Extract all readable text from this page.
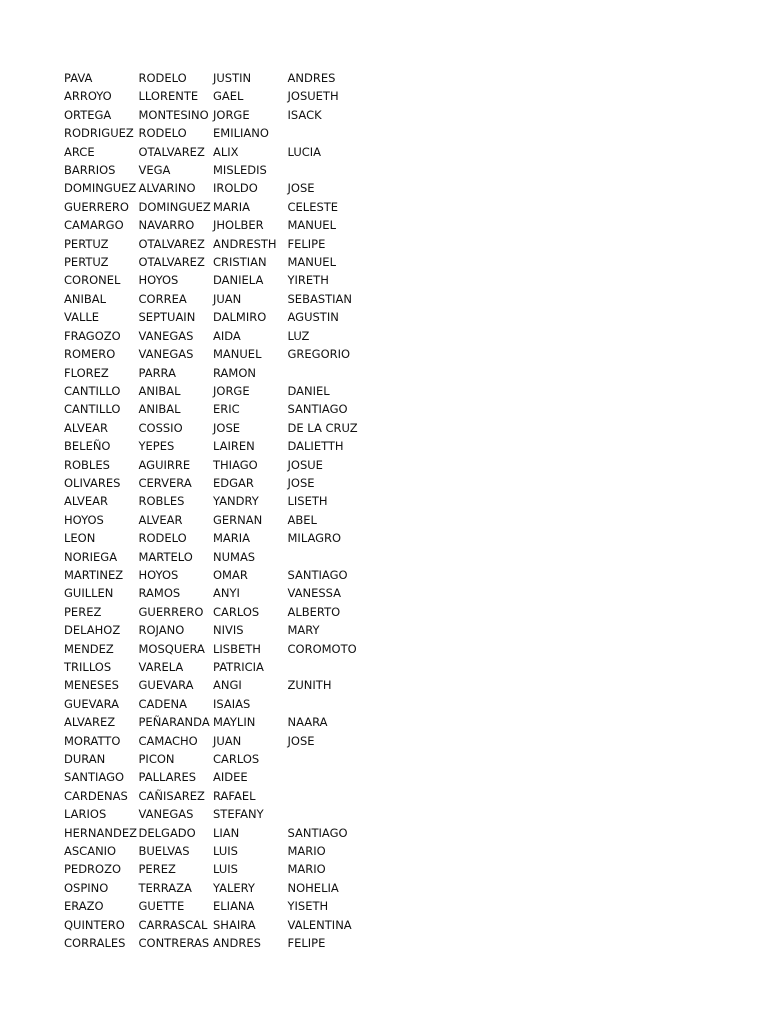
PAVA	RODELO	JUSTIN	ANDRES
ARROYO	LLORENTE	GAEL	JOSUETH
ORTEGA	MONTESINO	JORGE	ISACK
RODRIGUEZ	RODELO	EMILIANO	
ARCE	OTALVAREZ	ALIX	LUCIA
BARRIOS	VEGA	MISLEDIS	
DOMINGUEZ	ALVARINO	IROLDO	JOSE
GUERRERO	DOMINGUEZ	MARIA	CELESTE
CAMARGO	NAVARRO	JHOLBER	MANUEL
PERTUZ	OTALVAREZ	ANDRESTH	FELIPE
PERTUZ	OTALVAREZ	CRISTIAN	MANUEL
CORONEL	HOYOS	DANIELA	YIRETH
ANIBAL	CORREA	JUAN	SEBASTIAN
VALLE	SEPTUAIN	DALMIRO	AGUSTIN
FRAGOZO	VANEGAS	AIDA	LUZ
ROMERO	VANEGAS	MANUEL	GREGORIO
FLOREZ	PARRA	RAMON	
CANTILLO	ANIBAL	JORGE	DANIEL
CANTILLO	ANIBAL	ERIC	SANTIAGO
ALVEAR	COSSIO	JOSE	DE LA CRUZ
BELEÑO	YEPES	LAIREN	DALIETTH
ROBLES	AGUIRRE	THIAGO	JOSUE
OLIVARES	CERVERA	EDGAR	JOSE
ALVEAR	ROBLES	YANDRY	LISETH
HOYOS	ALVEAR	GERNAN	ABEL
LEON	RODELO	MARIA	MILAGRO
NORIEGA	MARTELO	NUMAS	
MARTINEZ	HOYOS	OMAR	SANTIAGO
GUILLEN	RAMOS	ANYI	VANESSA
PEREZ	GUERRERO	CARLOS	ALBERTO
DELAHOZ	ROJANO	NIVIS	MARY
MENDEZ	MOSQUERA	LISBETH	COROMOTO
TRILLOS	VARELA	PATRICIA	
MENESES	GUEVARA	ANGI	ZUNITH
GUEVARA	CADENA	ISAIAS	
ALVAREZ	PEÑARANDA	MAYLIN	NAARA
MORATTO	CAMACHO	JUAN	JOSE
DURAN	PICON	CARLOS	
SANTIAGO	PALLARES	AIDEE	
CARDENAS	CAÑISAREZ	RAFAEL	
LARIOS	VANEGAS	STEFANY	
HERNANDEZ	DELGADO	LIAN	SANTIAGO
ASCANIO	BUELVAS	LUIS	MARIO
PEDROZO	PEREZ	LUIS	MARIO
OSPINO	TERRAZA	YALERY	NOHELIA
ERAZO	GUETTE	ELIANA	YISETH
QUINTERO	CARRASCAL	SHAIRA	VALENTINA
CORRALES	CONTRERAS	ANDRES	FELIPE
